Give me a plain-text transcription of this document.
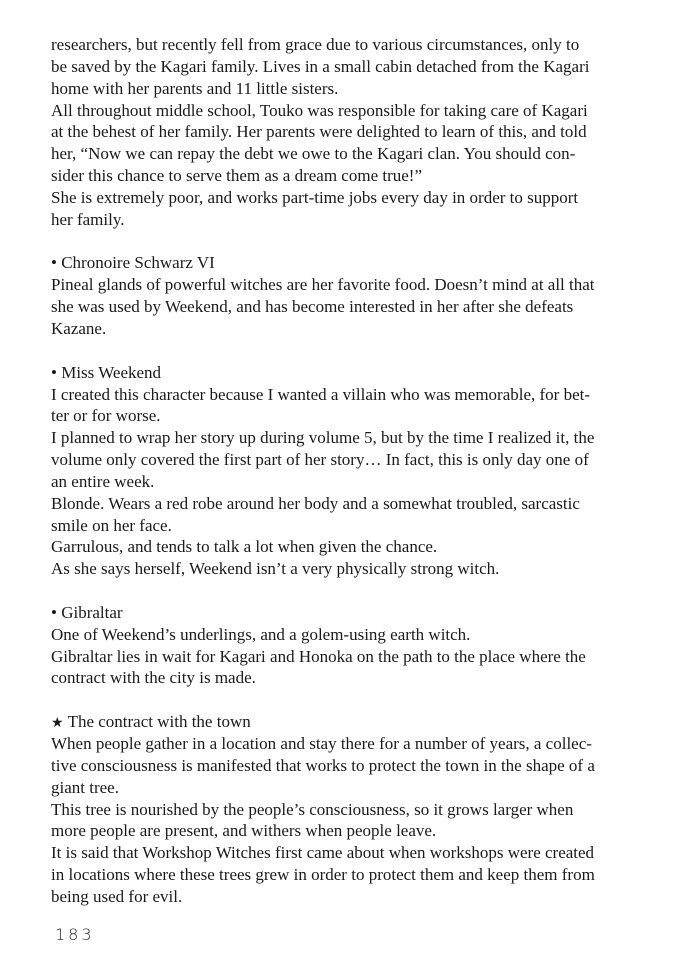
researchers, but recently fell from grace due to various circumstances, only to
be saved by the Kagari family. Lives in a small cabin detached from the Kagari
home with her parents and 11 little sisters.
All throughout middle school, Touko was responsible for taking care of Kagari
at the behest of her family. Her parents were delighted to learn of this, and told
her, “Now we can repay the debt we owe to the Kagari clan. You should con-
sider this chance to serve them as a dream come true!”
She is extremely poor, and works part-time jobs every day in order to support
her family.
• Chronoire Schwarz VI
Pineal glands of powerful witches are her favorite food. Doesn’t mind at all that
she was used by Weekend, and has become interested in her after she defeats
Kazane.
• Miss Weekend
I created this character because I wanted a villain who was memorable, for bet-
ter or for worse.
I planned to wrap her story up during volume 5, but by the time I realized it, the
volume only covered the first part of her story… In fact, this is only day one of
an entire week.
Blonde. Wears a red robe around her body and a somewhat troubled, sarcastic
smile on her face.
Garrulous, and tends to talk a lot when given the chance.
As she says herself, Weekend isn’t a very physically strong witch.
• Gibraltar
One of Weekend’s underlings, and a golem-using earth witch.
Gibraltar lies in wait for Kagari and Honoka on the path to the place where the
contract with the city is made.
★ The contract with the town
When people gather in a location and stay there for a number of years, a collec-
tive consciousness is manifested that works to protect the town in the shape of a
giant tree.
This tree is nourished by the people’s consciousness, so it grows larger when
more people are present, and withers when people leave.
It is said that Workshop Witches first came about when workshops were created
in locations where these trees grew in order to protect them and keep them from
being used for evil.
183
